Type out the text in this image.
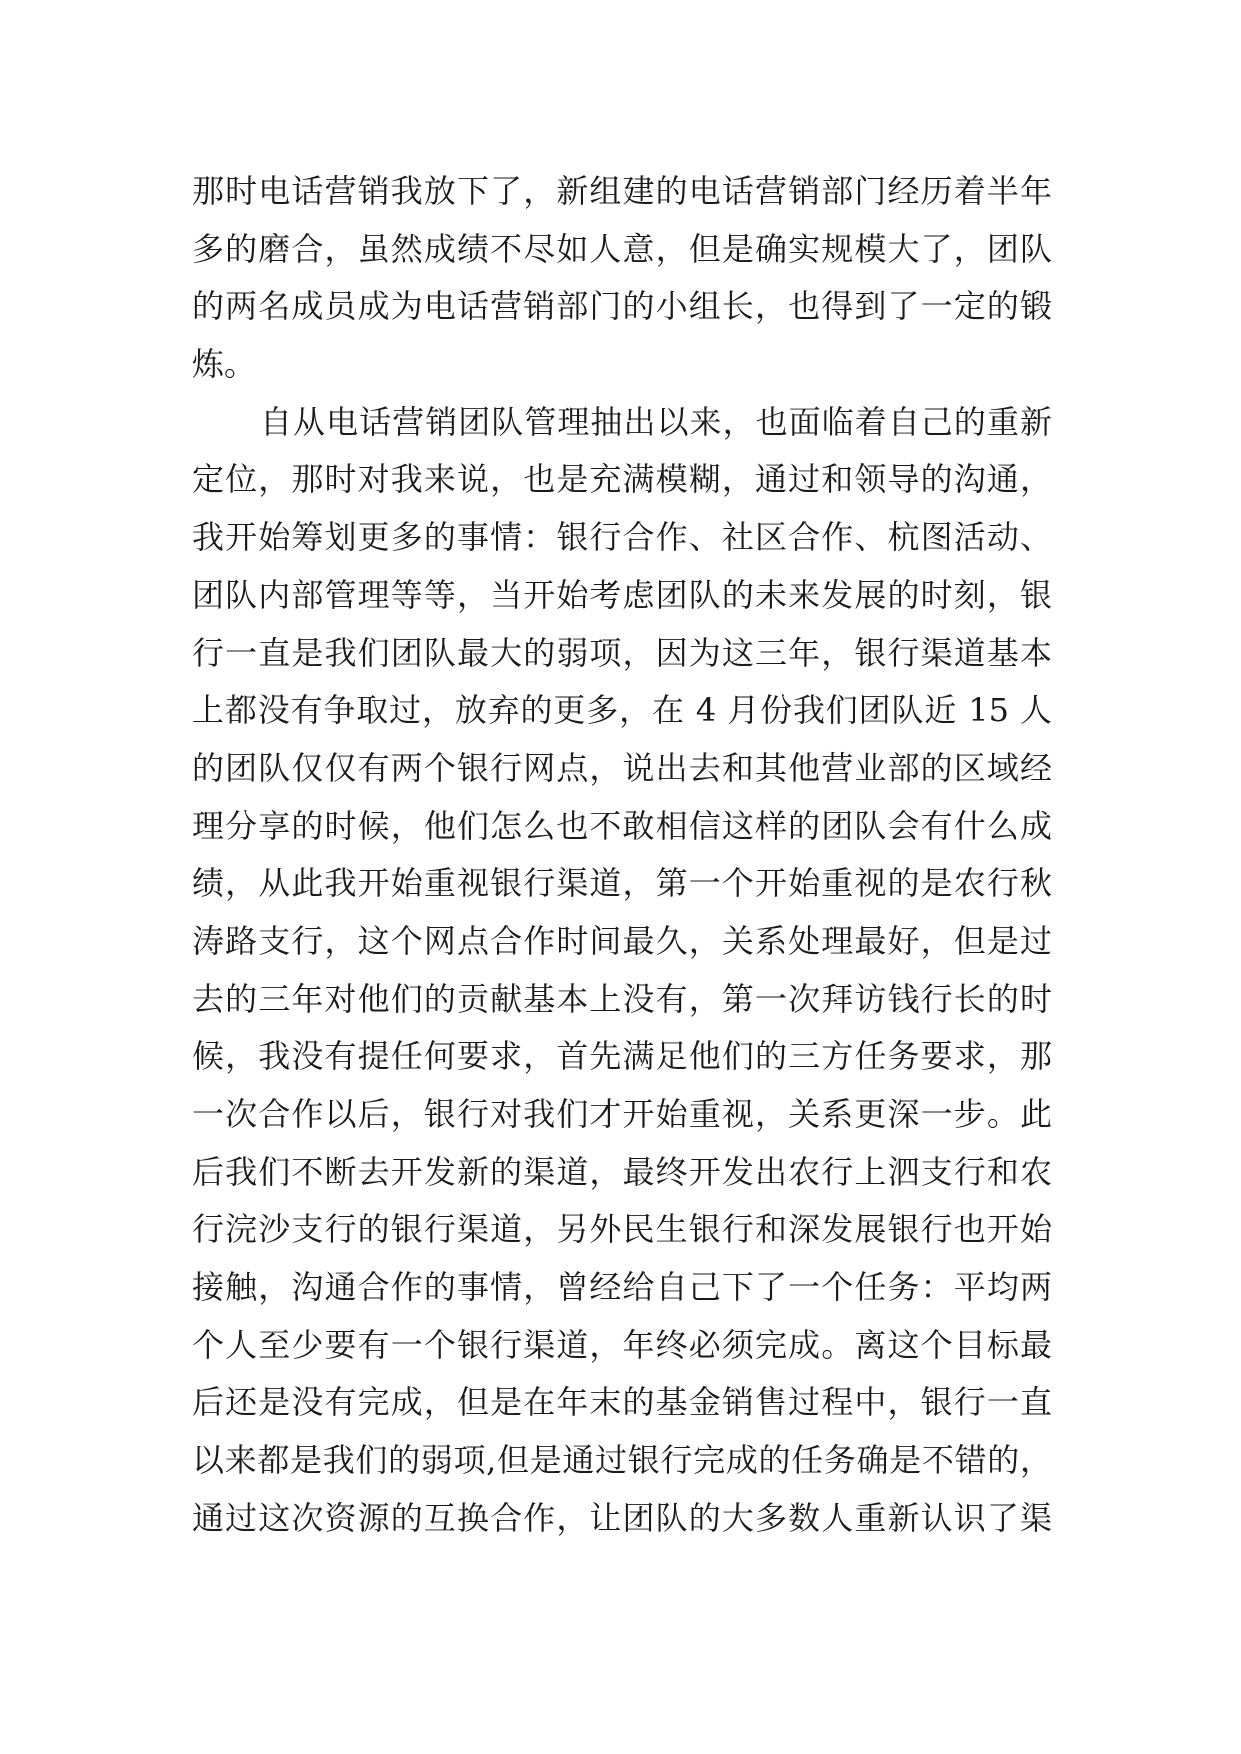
那时电话营销我放下了，新组建的电话营销部门经历着半年
多的磨合，虽然成绩不尽如人意，但是确实规模大了，团队
的两名成员成为电话营销部门的小组长，也得到了一定的锻
炼。
自从电话营销团队管理抽出以来，也面临着自己的重新
定位，那时对我来说，也是充满模糊，通过和领导的沟通，
我开始筹划更多的事情：银行合作、社区合作、杭图活动、
团队内部管理等等，当开始考虑团队的未来发展的时刻，银
行一直是我们团队最大的弱项，因为这三年，银行渠道基本
上都没有争取过，放弃的更多，在 4 月份我们团队近 15 人
的团队仅仅有两个银行网点，说出去和其他营业部的区域经
理分享的时候，他们怎么也不敢相信这样的团队会有什么成
绩，从此我开始重视银行渠道，第一个开始重视的是农行秋
涛路支行，这个网点合作时间最久，关系处理最好，但是过
去的三年对他们的贡献基本上没有，第一次拜访钱行长的时
候，我没有提任何要求，首先满足他们的三方任务要求，那
一次合作以后，银行对我们才开始重视，关系更深一步。此
后我们不断去开发新的渠道，最终开发出农行上泗支行和农
行浣沙支行的银行渠道，另外民生银行和深发展银行也开始
接触，沟通合作的事情，曾经给自己下了一个任务：平均两
个人至少要有一个银行渠道，年终必须完成。离这个目标最
后还是没有完成，但是在年末的基金销售过程中，银行一直
以来都是我们的弱项,但是通过银行完成的任务确是不错的，
通过这次资源的互换合作，让团队的大多数人重新认识了渠
